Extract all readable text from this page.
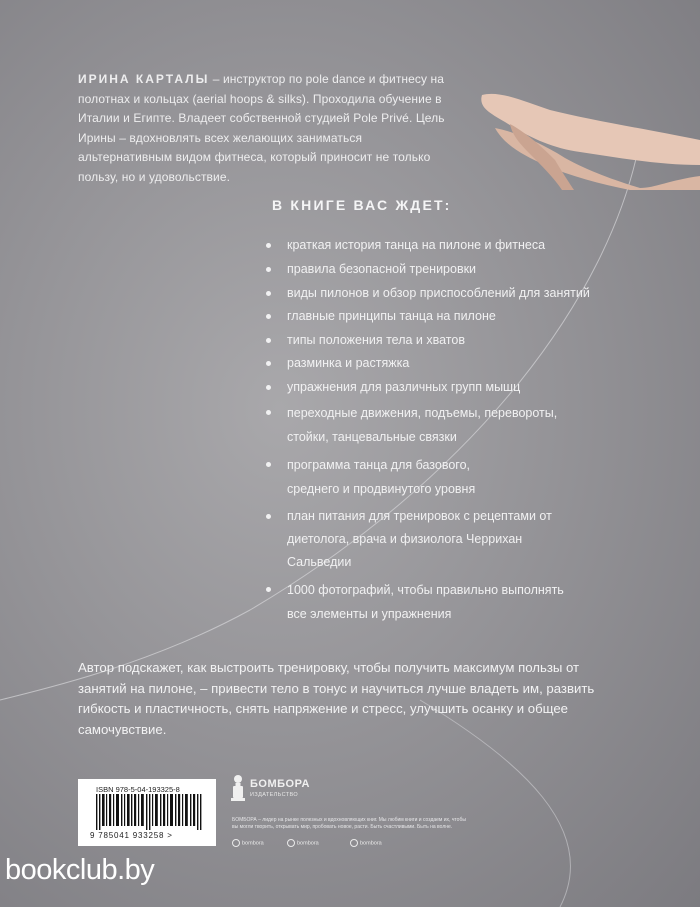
ИРИНА КАРТАЛЫ – инструктор по pole dance и фитнесу на полотнах и кольцах (aerial hoops & silks). Проходила обучение в Италии и Египте. Владеет собственной студией Pole Privé. Цель Ирины – вдохновлять всех желающих заниматься альтернативным видом фитнеса, который приносит не только пользу, но и удовольствие.
В КНИГЕ ВАС ЖДЕТ:
краткая история танца на пилоне и фитнеса
правила безопасной тренировки
виды пилонов и обзор приспособлений для занятий
главные принципы танца на пилоне
типы положения тела и хватов
разминка и растяжка
упражнения для различных групп мышц
переходные движения, подъемы, перевороты, стойки, танцевальные связки
программа танца для базового, среднего и продвинутого уровня
план питания для тренировок с рецептами от диетолога, врача и физиолога Черрихан Сальведии
1000 фотографий, чтобы правильно выполнять все элементы и упражнения
Автор подскажет, как выстроить тренировку, чтобы получить максимум пользы от занятий на пилоне, – привести тело в тонус и научиться лучше владеть им, развить гибкость и пластичность, снять напряжение и стресс, улучшить осанку и общее самочувствие.
ISBN 978-5-04-193325-8
9 785041 933258 >
БОМБОРА
ИЗДАТЕЛЬСТВО
БОМБОРА – лидер на рынке полезных и вдохновляющих книг. Мы любим книги и создаем их, чтобы вы могли творить, открывать мир, пробовать новое, расти. Быть счастливыми. Быть на волне.
bombora	bombora	bombora
bookclub.by
